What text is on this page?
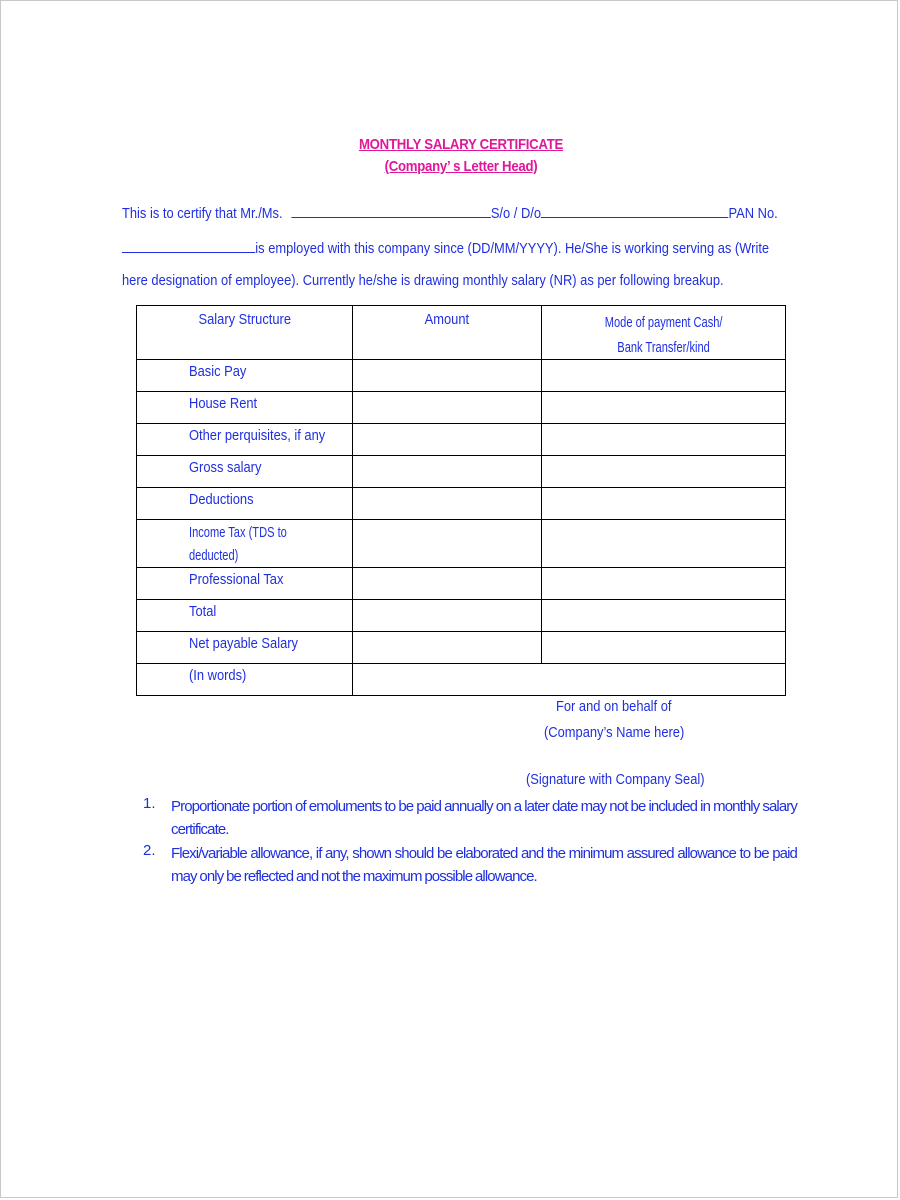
MONTHLY SALARY CERTIFICATE
(Company’ s Letter Head)
This is to certify that Mr./Ms.	S/o / D/o	PAN No.
is employed with this company since (DD/MM/YYYY). He/She is working serving as (Write
here designation of employee). Currently he/she is drawing monthly salary (NR) as per following breakup.
Salary Structure	Amount	Mode of payment Cash/
Bank Transfer/kind
Basic Pay		
House Rent		
Other perquisites, if any		
Gross salary		
Deductions		
Income Tax (TDS to
deducted)		
Professional Tax		
Total		
Net payable Salary		
(In words)		
For and on behalf of
(Company’s Name here)
(Signature with Company Seal)
1. Proportionate portion of emoluments to be paid annually on a later date may not be included in monthly salary certificate.
2. Flexi/variable allowance, if any, shown should be elaborated and the minimum assured allowance to be paid may only be reflected and not the maximum possible allowance.
